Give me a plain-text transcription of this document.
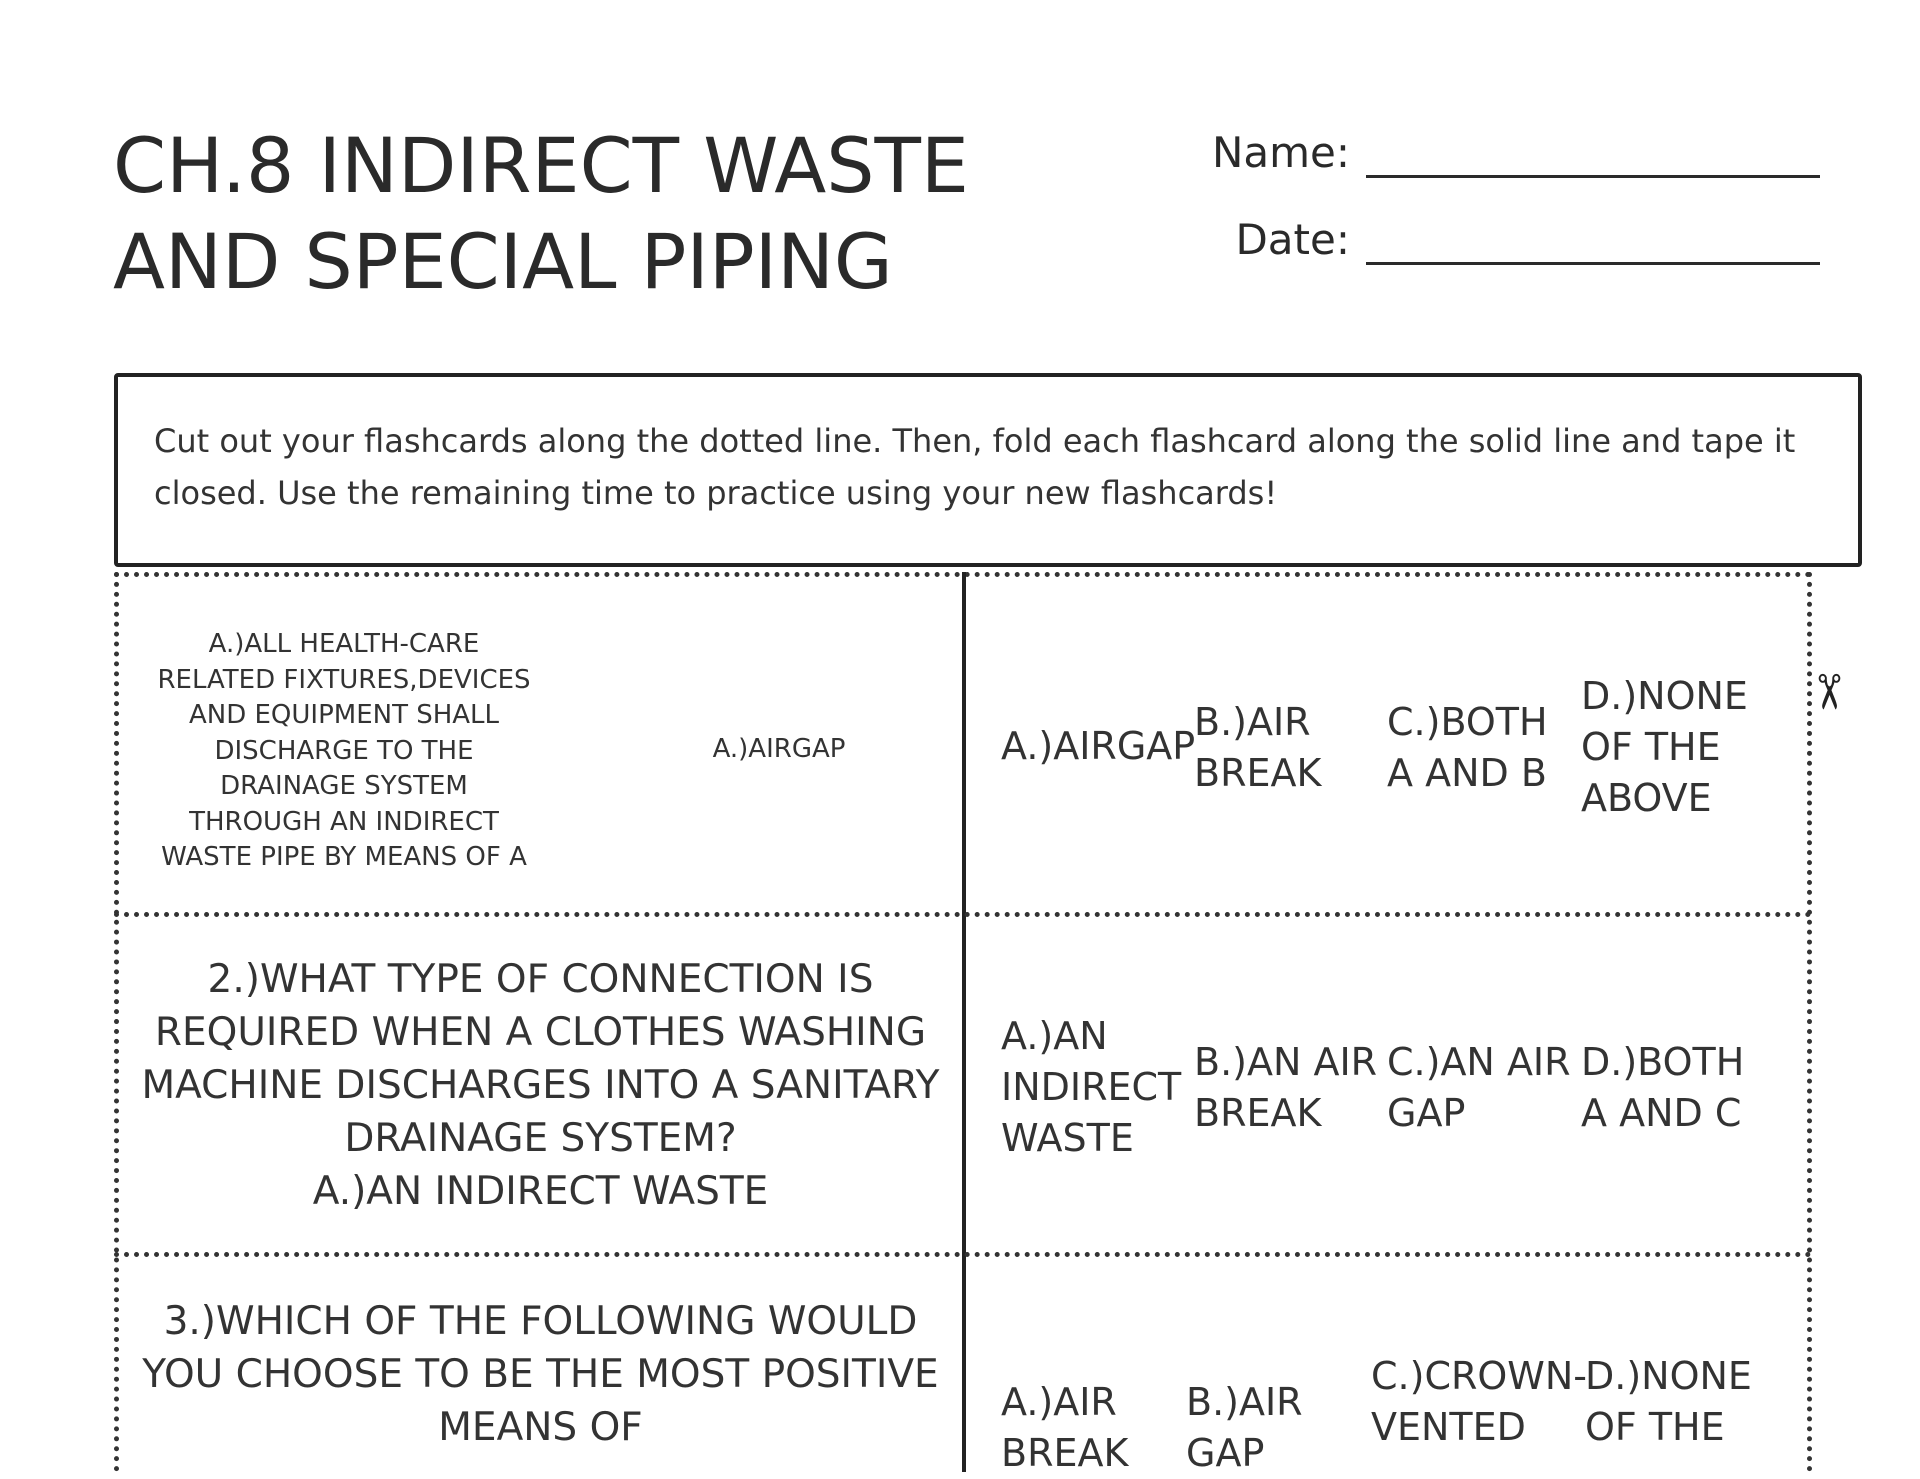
CH.8 INDIRECT WASTE AND SPECIAL PIPING
Name:
Date:
Cut out your flashcards along the dotted line. Then, fold each flashcard along the solid line and tape it closed. Use the remaining time to practice using your new flashcards!
✂
A.)ALL HEALTH-CARE RELATED FIXTURES,DEVICES AND EQUIPMENT SHALL DISCHARGE TO THE DRAINAGE SYSTEM THROUGH AN INDIRECT WASTE PIPE BY MEANS OF A
A.)AIRGAP	A.)AIRGAP
B.)AIR BREAK
C.)BOTH A AND B
D.)NONE OF THE ABOVE
2.)WHAT TYPE OF CONNECTION IS REQUIRED WHEN A CLOTHES WASHING MACHINE DISCHARGES INTO A SANITARY DRAINAGE SYSTEM?
A.)AN INDIRECT WASTE
A.)AN INDIRECT WASTE
B.)AN AIR BREAK
C.)AN AIR GAP
D.)BOTH A AND C
3.)WHICH OF THE FOLLOWING WOULD YOU CHOOSE TO BE THE MOST POSITIVE MEANS OF
A.)AIR BREAK
B.)AIR GAP
C.)CROWN-VENTED
D.)NONE OF THE
